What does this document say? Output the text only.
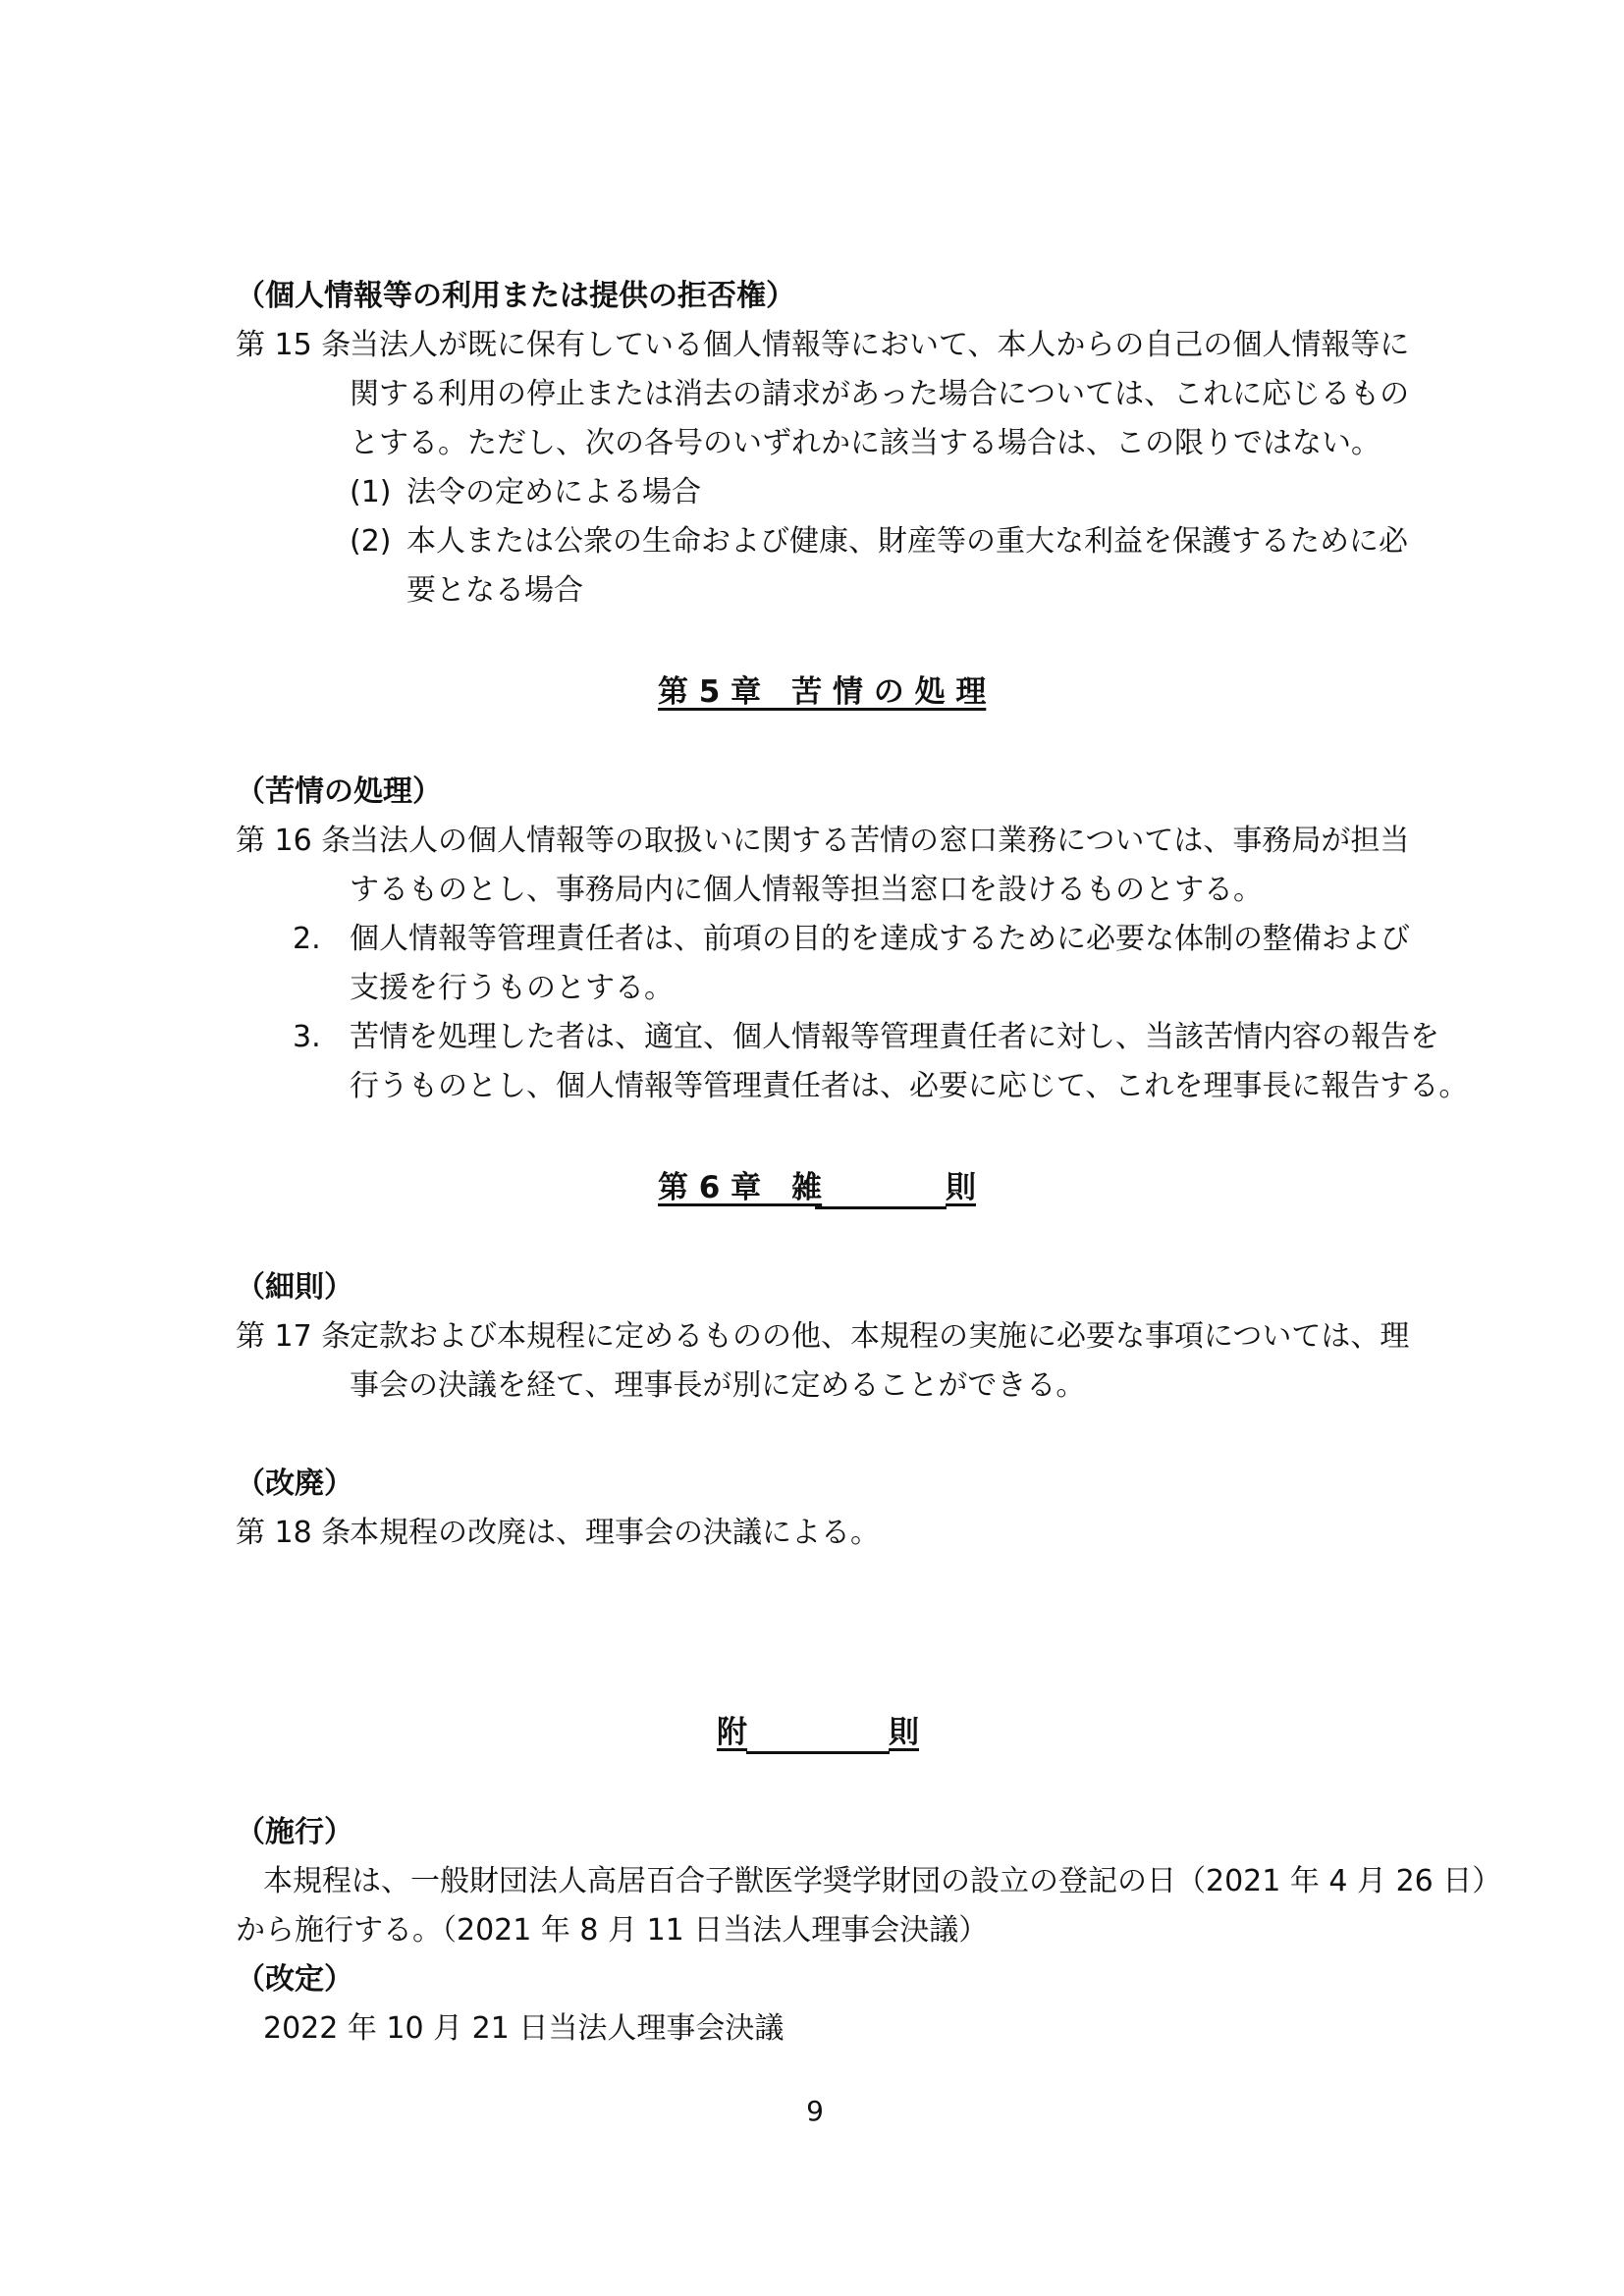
（個人情報等の利用または提供の拒否権）
第 15 条
当法人が既に保有している個人情報等において、本人からの自己の個人情報等に
関する利用の停止または消去の請求があった場合については、これに応じるもの
とする。ただし、次の各号のいずれかに該当する場合は、この限りではない。
(1) 法令の定めによる場合
(2) 本人または公衆の生命および健康、財産等の重大な利益を保護するために必
要となる場合
第 5 章　苦 情 の 処 理
（苦情の処理）
第 16 条
当法人の個人情報等の取扱いに関する苦情の窓口業務については、事務局が担当
するものとし、事務局内に個人情報等担当窓口を設けるものとする。
2. 個人情報等管理責任者は、前項の目的を達成するために必要な体制の整備および
支援を行うものとする。
3. 苦情を処理した者は、適宜、個人情報等管理責任者に対し、当該苦情内容の報告を
行うものとし、個人情報等管理責任者は、必要に応じて、これを理事長に報告する。
第 6 章　雑	則
（細則）
第 17 条
定款および本規程に定めるものの他、本規程の実施に必要な事項については、理
事会の決議を経て、理事長が別に定めることができる。
（改廃）
第 18 条
本規程の改廃は、理事会の決議による。
附	則
（施行）
本規程は、一般財団法人高居百合子獣医学奨学財団の設立の登記の日（2021 年 4 月 26 日）
から施行する。（2021 年 8 月 11 日当法人理事会決議）
（改定）
2022 年 10 月 21 日当法人理事会決議
9
